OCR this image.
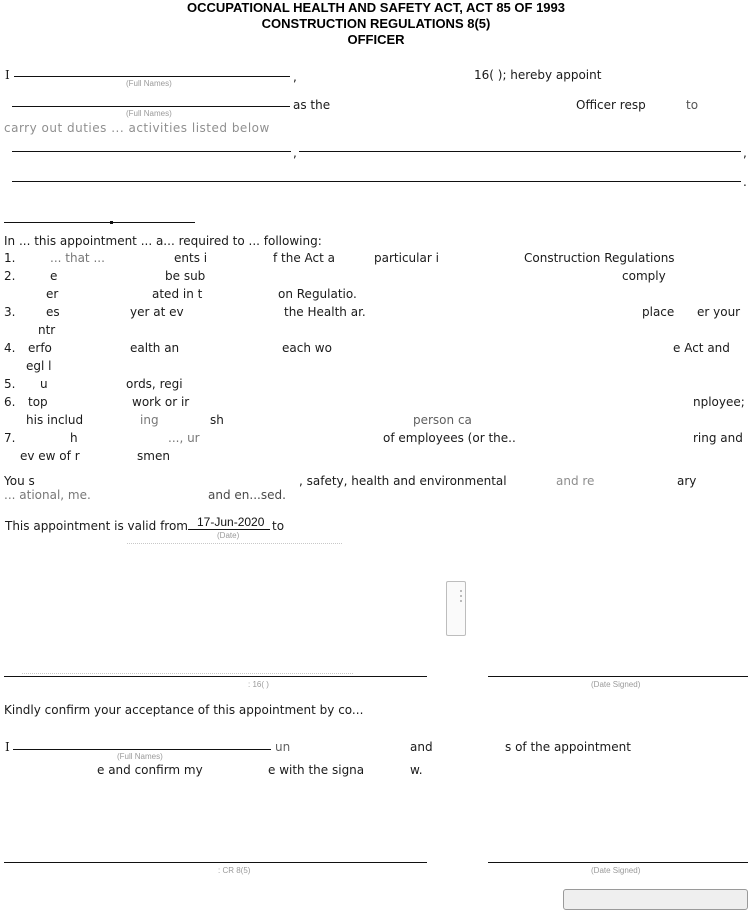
OCCUPATIONAL HEALTH AND SAFETY ACT, ACT 85 OF 1993
CONSTRUCTION REGULATIONS 8(5)
OFFICER
I
(Full Names)	,	16( ); hereby appoint
(Full Names)
as the	Officer resp	to
carry out duties ... activities listed below
,	,
.
In ... this appointment ... a... required to ... following:
1.	... that ...	ents i	f the Act a	particular i	Construction Regulations
2.	e	be sub	comply
er	ated in t	on Regulatio.
3.	es	yer at ev	the Health ar.	place er your
ntr
4. erfo	ealth an	each wo	e Act and
egl l
5. u	ords, regi
6. top	work or ir	nployee;
his includ	ing	sh	person ca
7.	h	..., ur	of employees (or the..	ring and
ev ew of r	smen
You s	, safety, health and environmental	and re	ary
... ational, me.	and en...sed.
This appointment is valid from 17-Jun-2020
(Date)
to
: 16( )	(Date Signed)
Kindly confirm your acceptance of this appointment by co...
I
(Full Names)
un	and	s of the appointment
e and confirm my	e with the signa	w.
: CR 8(5)	(Date Signed)
